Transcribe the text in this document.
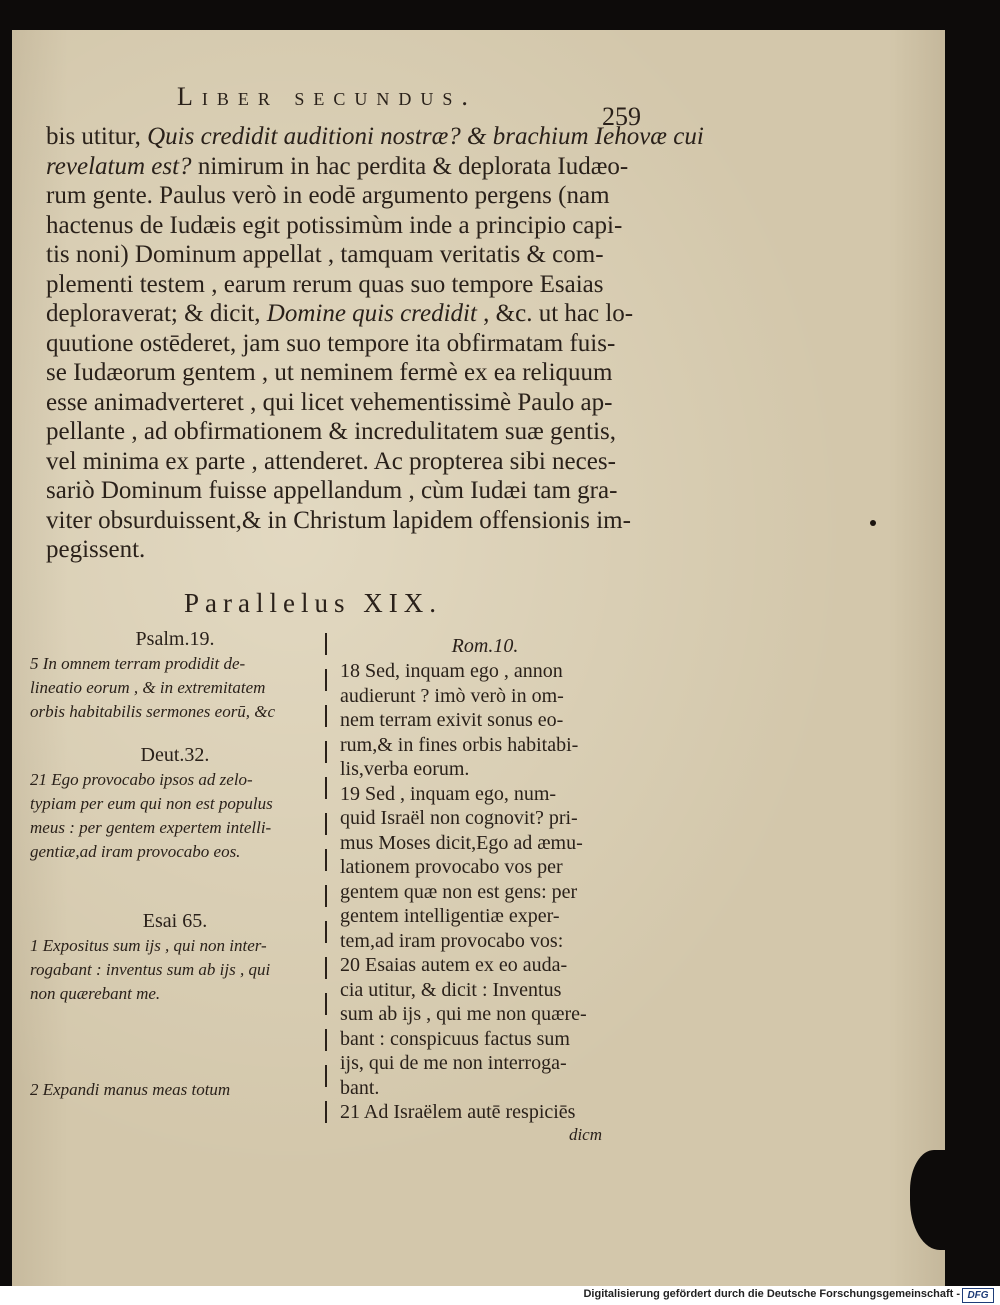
Liber secundus.
259
bis utitur, Quis credidit auditioni nostræ? & brachium Iehovæ cui
revelatum est? nimirum in hac perdita & deplorata Iudæo-
rum gente. Paulus verò in eodē argumento pergens (nam
hactenus de Iudæis egit potissimùm inde a principio capi-
tis noni) Dominum appellat , tamquam veritatis & com-
plementi testem , earum rerum quas suo tempore Esaias
deploraverat; & dicit, Domine quis credidit , &c. ut hac lo-
quutione ostēderet, jam suo tempore ita obfirmatam fuis-
se Iudæorum gentem , ut neminem fermè ex ea reliquum
esse animadverteret , qui licet vehementissimè Paulo ap-
pellante , ad obfirmationem & incredulitatem suæ gentis,
vel minima ex parte , attenderet. Ac propterea sibi neces-
sariò Dominum fuisse appellandum , cùm Iudæi tam gra-
viter obsurduissent,& in Christum lapidem offensionis im-
pegissent.
Parallelus XIX.
Psalm.19.
5 In omnem terram prodidit de-
lineatio eorum , & in extremitatem
orbis habitabilis sermones eorū, &c
Deut.32.
21 Ego provocabo ipsos ad zelo-
typiam per eum qui non est populus
meus : per gentem expertem intelli-
gentiæ,ad iram provocabo eos.
Esai 65.
1 Expositus sum ijs , qui non inter-
rogabant : inventus sum ab ijs , qui
non quærebant me.
2 Expandi manus meas totum
Rom.10.
18 Sed, inquam ego , annon
audierunt ? imò verò in om-
nem terram exivit sonus eo-
rum,& in fines orbis habitabi-
lis,verba eorum.
19 Sed , inquam ego, num-
quid Israël non cognovit? pri-
mus Moses dicit,Ego ad æmu-
lationem provocabo vos per
gentem quæ non est gens: per
gentem intelligentiæ exper-
tem,ad iram provocabo vos:
20 Esaias autem ex eo auda-
cia utitur, & dicit : Inventus
sum ab ijs , qui me non quære-
bant : conspicuus factus sum
ijs, qui de me non interroga-
bant.
21 Ad Israëlem autē respiciēs
dicm
Digitalisierung gefördert durch die Deutsche Forschungsgemeinschaft - DFG
